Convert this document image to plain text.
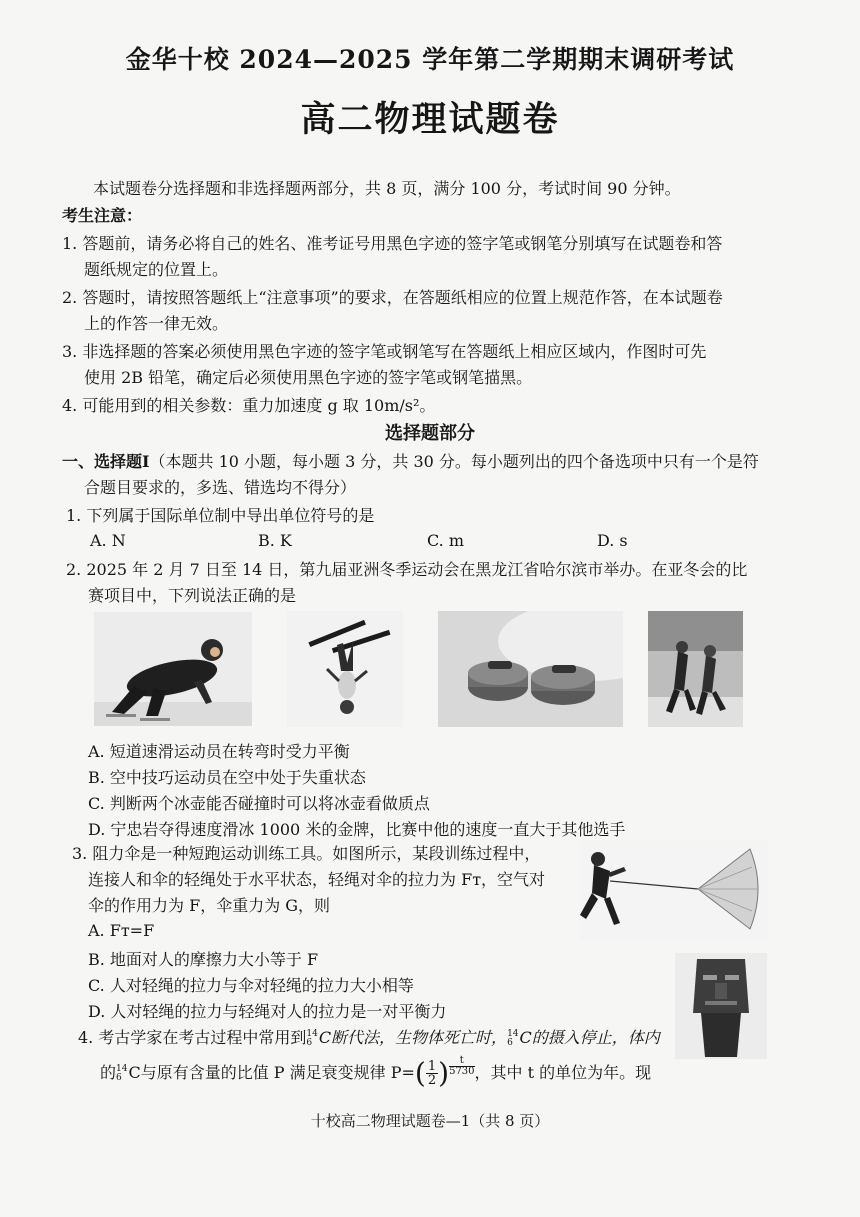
金华十校 2024—2025 学年第二学期期末调研考试
高二物理试题卷
本试题卷分选择题和非选择题两部分，共 8 页，满分 100 分，考试时间 90 分钟。
考生注意：
1. 答题前，请务必将自己的姓名、准考证号用黑色字迹的签字笔或钢笔分别填写在试题卷和答
题纸规定的位置上。
2. 答题时，请按照答题纸上“注意事项”的要求，在答题纸相应的位置上规范作答，在本试题卷
上的作答一律无效。
3. 非选择题的答案必须使用黑色字迹的签字笔或钢笔写在答题纸上相应区域内，作图时可先
使用 2B 铅笔，确定后必须使用黑色字迹的签字笔或钢笔描黑。
4. 可能用到的相关参数：重力加速度 g 取 10m/s²。
选择题部分
一、选择题Ⅰ（本题共 10 小题，每小题 3 分，共 30 分。每小题列出的四个备选项中只有一个是符
合题目要求的，多选、错选均不得分）
1. 下列属于国际单位制中导出单位符号的是
A. N	B. K	C. m	D. s
2. 2025 年 2 月 7 日至 14 日，第九届亚洲冬季运动会在黑龙江省哈尔滨市举办。在亚冬会的比
赛项目中，下列说法正确的是
A. 短道速滑运动员在转弯时受力平衡
B. 空中技巧运动员在空中处于失重状态
C. 判断两个冰壶能否碰撞时可以将冰壶看做质点
D. 宁忠岩夺得速度滑冰 1000 米的金牌，比赛中他的速度一直大于其他选手
3. 阻力伞是一种短跑运动训练工具。如图所示，某段训练过程中，
连接人和伞的轻绳处于水平状态，轻绳对伞的拉力为 Fᴛ，空气对
伞的作用力为 F，伞重力为 G，则
A. Fᴛ=F
B. 地面对人的摩擦力大小等于 F
C. 人对轻绳的拉力与伞对轻绳的拉力大小相等
D. 人对轻绳的拉力与轻绳对人的拉力是一对平衡力
4. 考古学家在考古过程中常用到 14
6 C断代法，生物体死亡时， 14
6 C的摄入停止，体内
的 14
6 C与原有含量的比值 P 满足衰变规律 $P=( \frac{1}{2}$ ) $^{\frac{t}{5730}}$ ，其中 t 的单位为年。现
十校高二物理试题卷—1（共 8 页）
